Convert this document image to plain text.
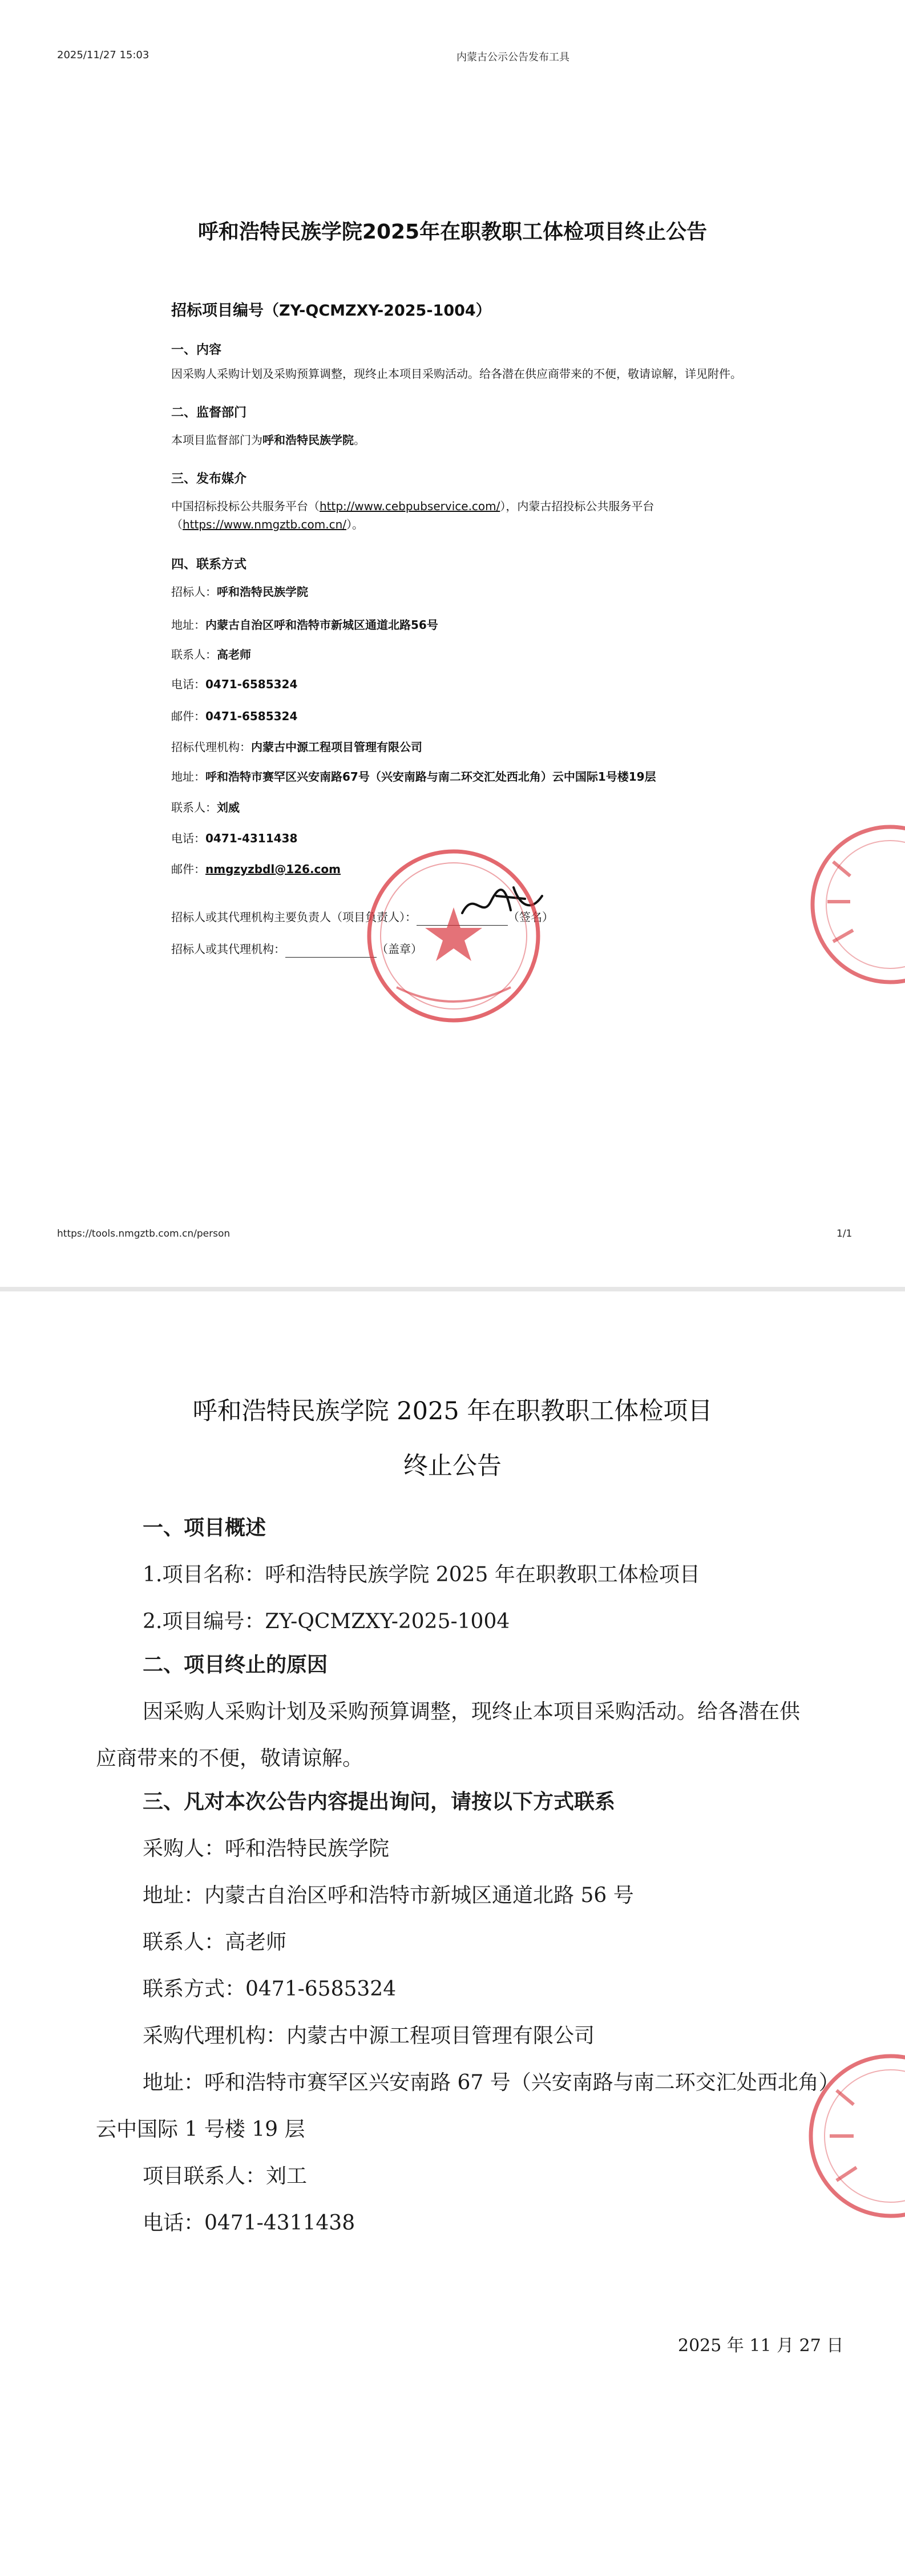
2025/11/27 15:03	内蒙古公示公告发布工具
呼和浩特民族学院2025年在职教职工体检项目终止公告
招标项目编号（ZY-QCMZXY-2025-1004）
一、内容
因采购人采购计划及采购预算调整，现终止本项目采购活动。给各潜在供应商带来的不便，敬请谅解，详见附件。
二、监督部门
本项目监督部门为呼和浩特民族学院。
三、发布媒介
中国招标投标公共服务平台（http://www.cebpubservice.com/），内蒙古招投标公共服务平台
（https://www.nmgztb.com.cn/）。
四、联系方式
招标人：呼和浩特民族学院
地址：内蒙古自治区呼和浩特市新城区通道北路56号
联系人：高老师
电话：0471-6585324
邮件：0471-6585324
招标代理机构：内蒙古中源工程项目管理有限公司
地址：呼和浩特市赛罕区兴安南路67号（兴安南路与南二环交汇处西北角）云中国际1号楼19层
联系人：刘威
电话：0471-4311438
邮件：nmgzyzbdl@126.com
招标人或其代理机构主要负责人（项目负责人）：	（签名）
招标人或其代理机构：	（盖章）
https://tools.nmgztb.com.cn/person	1/1
呼和浩特民族学院 2025 年在职教职工体检项目
终止公告
一、项目概述
1.项目名称：呼和浩特民族学院 2025 年在职教职工体检项目
2.项目编号：ZY-QCMZXY-2025-1004
二、项目终止的原因
因采购人采购计划及采购预算调整，现终止本项目采购活动。给各潜在供
应商带来的不便，敬请谅解。
三、凡对本次公告内容提出询问，请按以下方式联系
采购人：呼和浩特民族学院
地址：内蒙古自治区呼和浩特市新城区通道北路 56 号
联系人：高老师
联系方式：0471-6585324
采购代理机构：内蒙古中源工程项目管理有限公司
地址：呼和浩特市赛罕区兴安南路 67 号（兴安南路与南二环交汇处西北角）
云中国际 1 号楼 19 层
项目联系人：刘工
电话：0471-4311438
2025 年 11 月 27 日
